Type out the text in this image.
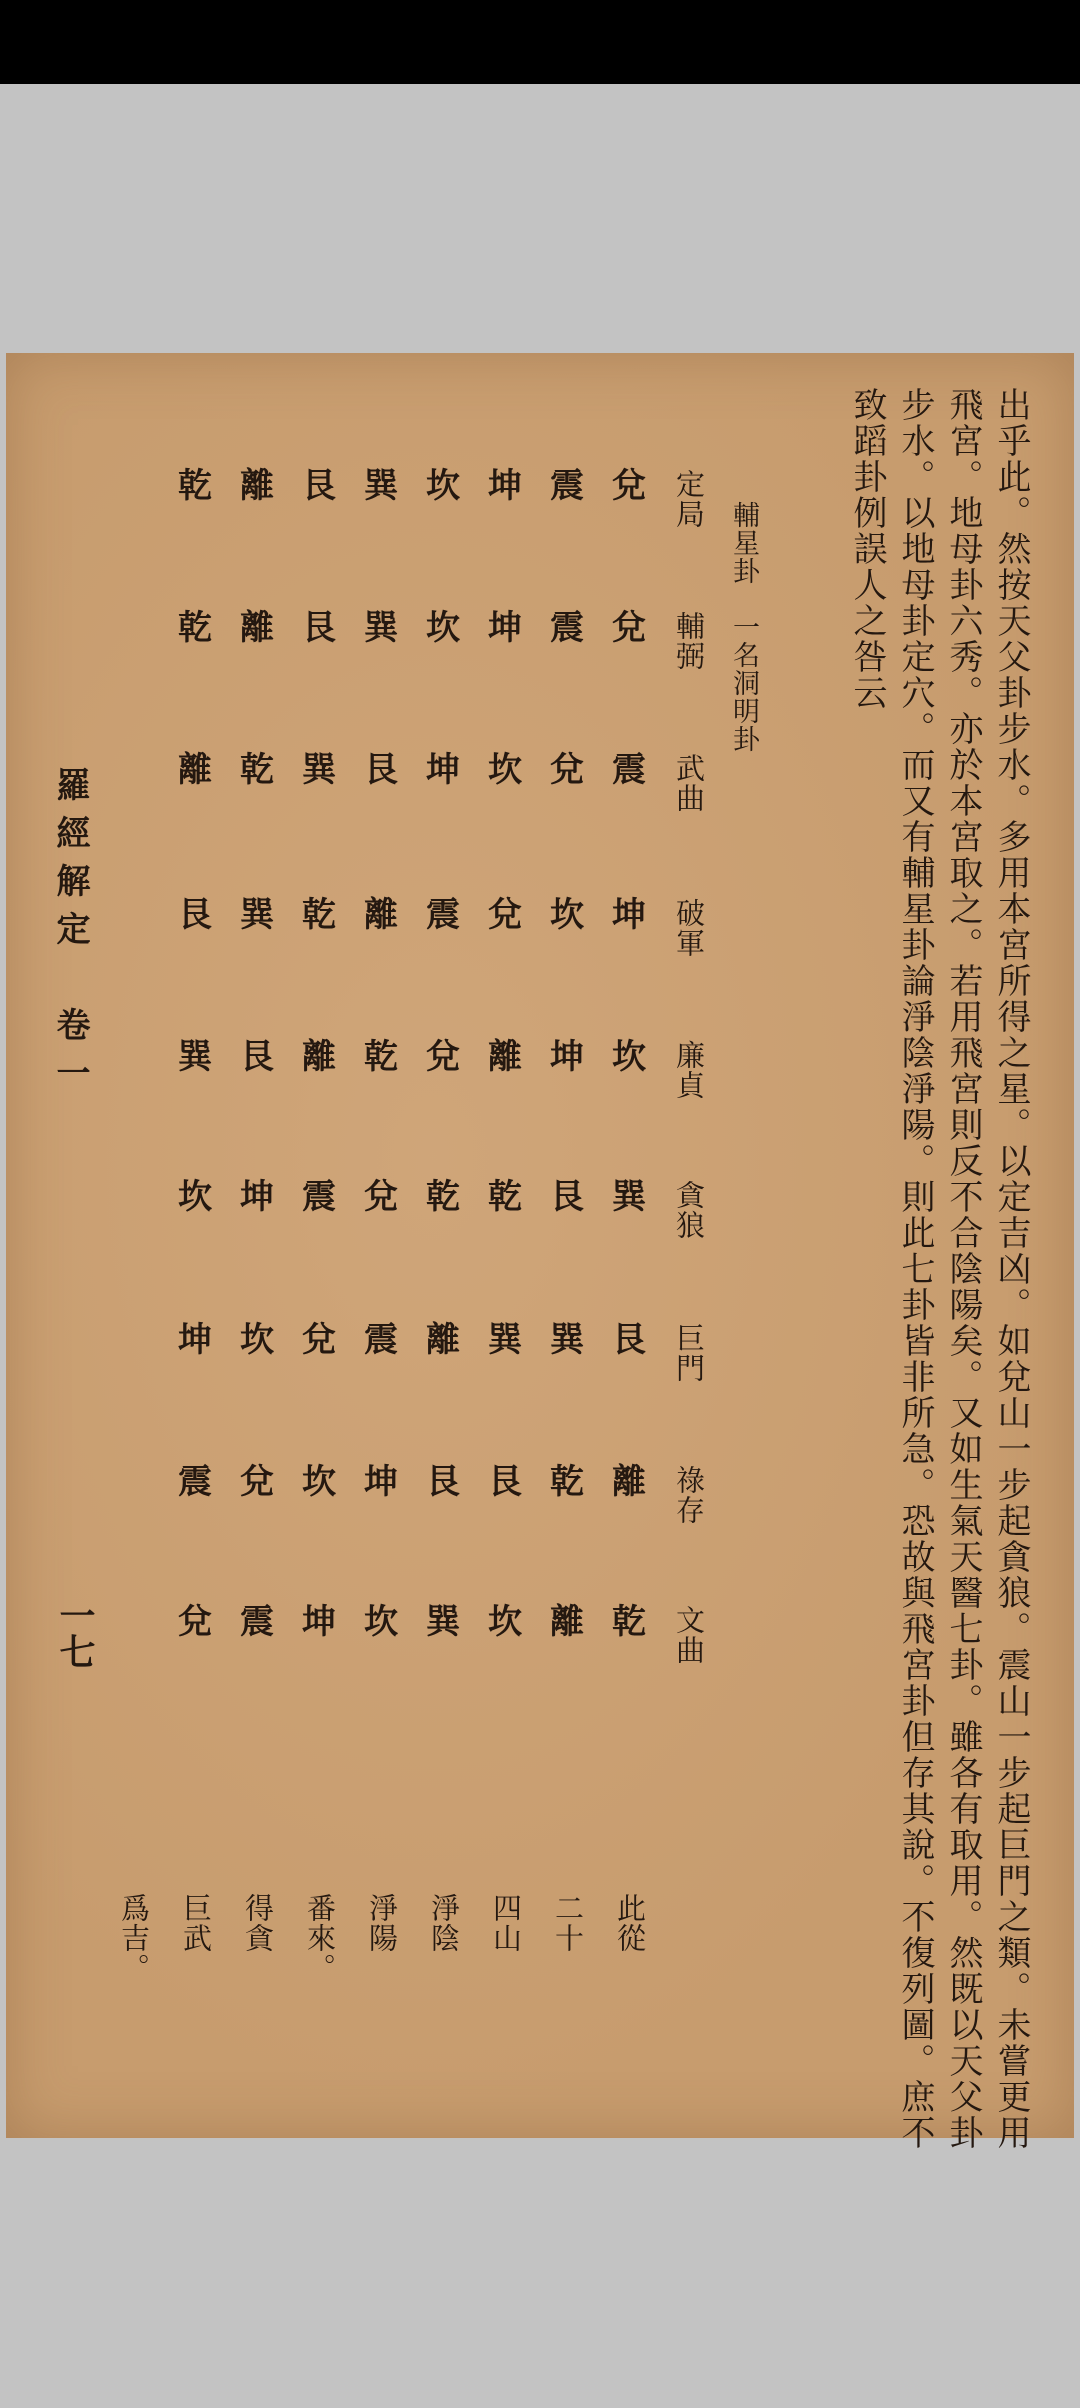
出乎此。然按天父卦步水。多用本宮所得之星。以定吉凶。如兌山一步起貪狼。震山一步起巨門之類。未嘗更用
飛宮。地母卦六秀。亦於本宮取之。若用飛宮則反不合陰陽矣。又如生氣天醫七卦。雖各有取用。然既以天父卦
步水。以地母卦定穴。而又有輔星卦論淨陰淨陽。則此七卦皆非所急。恐故與飛宮卦但存其說。不復列圖。庶不
致蹈卦例誤人之咎云
輔星卦　一名洞明卦
定局
輔弼
武曲
破軍
廉貞
貪狼
巨門
祿存
文曲
兌
兌
震
坤
坎
巽
艮
離
乾
此從
震
震
兌
坎
坤
艮
巽
乾
離
二十
坤
坤
坎
兌
離
乾
巽
艮
坎
四山
坎
坎
坤
震
兌
乾
離
艮
巽
淨陰
巽
巽
艮
離
乾
兌
震
坤
坎
淨陽
艮
艮
巽
乾
離
震
兌
坎
坤
番來。
離
離
乾
巽
艮
坤
坎
兌
震
得貪
乾
乾
離
艮
巽
坎
坤
震
兌
巨武
爲吉。
羅經解定　卷一
一七
